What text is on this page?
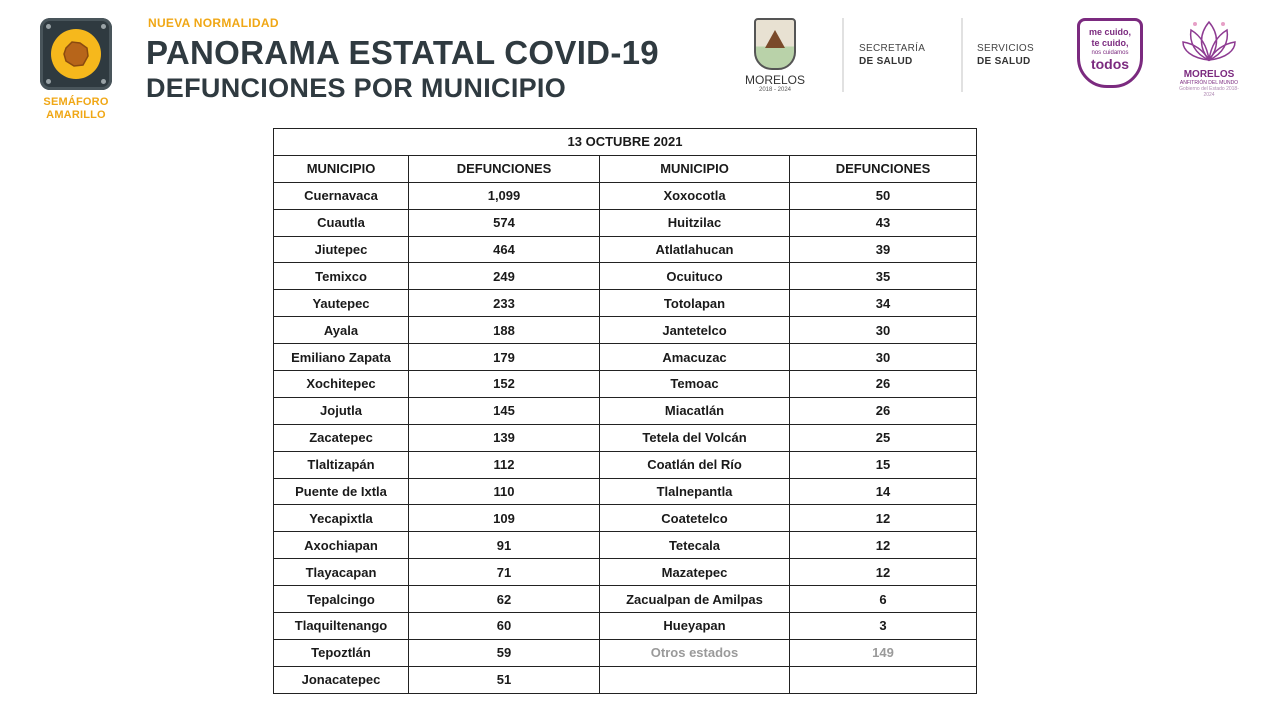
SEMÁFORO
AMARILLO
NUEVA NORMALIDAD
PANORAMA ESTATAL COVID-19
DEFUNCIONES POR MUNICIPIO	MORELOS
2018 - 2024
SECRETARÍA
DE SALUD
SERVICIOS
DE SALUD
me cuido,
te cuido,
nos cuidamos
todos
MORELOS
ANFITRIÓN DEL MUNDO
Gobierno del Estado 2018-2024
13 OCTUBRE 2021			
MUNICIPIO	DEFUNCIONES	MUNICIPIO	DEFUNCIONES
Cuernavaca	1,099	Xoxocotla	50
Cuautla	574	Huitzilac	43
Jiutepec	464	Atlatlahucan	39
Temixco	249	Ocuituco	35
Yautepec	233	Totolapan	34
Ayala	188	Jantetelco	30
Emiliano Zapata	179	Amacuzac	30
Xochitepec	152	Temoac	26
Jojutla	145	Miacatlán	26
Zacatepec	139	Tetela del Volcán	25
Tlaltizapán	112	Coatlán del Río	15
Puente de Ixtla	110	Tlalnepantla	14
Yecapixtla	109	Coatetelco	12
Axochiapan	91	Tetecala	12
Tlayacapan	71	Mazatepec	12
Tepalcingo	62	Zacualpan de Amilpas	6
Tlaquiltenango	60	Hueyapan	3
Tepoztlán	59	Otros estados	149
Jonacatepec	51		
